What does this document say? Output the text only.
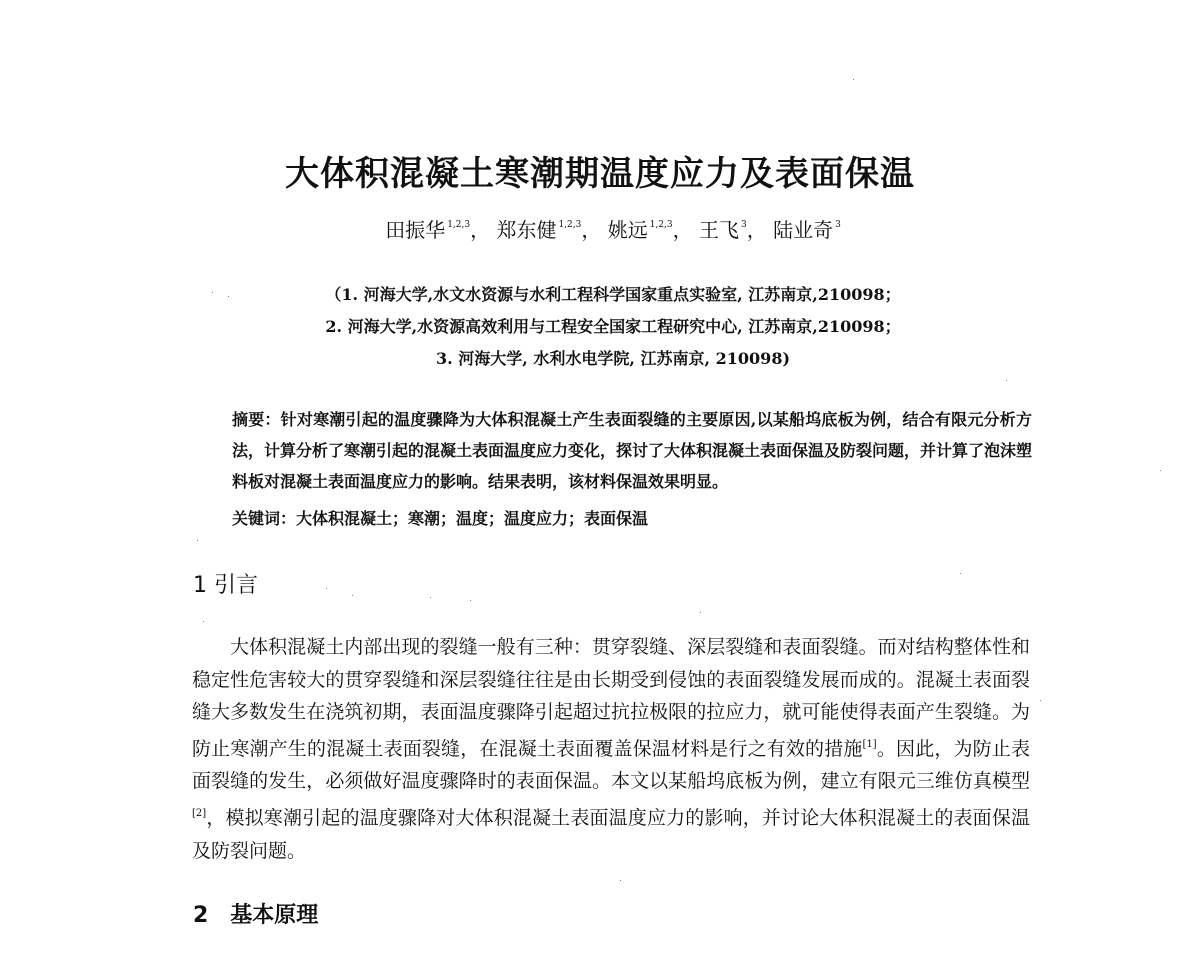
大体积混凝土寒潮期温度应力及表面保温
田振华 $^{1,2,3}$， 郑东健 $^{1,2,3}$， 姚远 $^{1,2,3}$， 王飞 $^3$， 陆业奇 $^3$
（1. 河海大学,水文水资源与水利工程科学国家重点实验室, 江苏南京,210098；
2. 河海大学,水资源高效利用与工程安全国家工程研究中心, 江苏南京,210098；
3. 河海大学, 水利水电学院, 江苏南京, 210098)
摘要：针对寒潮引起的温度骤降为大体积混凝土产生表面裂缝的主要原因,以某船坞底板为例，结合有限元分析方法，计算分析了寒潮引起的混凝土表面温度应力变化，探讨了大体积混凝土表面保温及防裂问题，并计算了泡沫塑料板对混凝土表面温度应力的影响。结果表明，该材料保温效果明显。
关键词：大体积混凝土；寒潮；温度；温度应力；表面保温
1 引言
大体积混凝土内部出现的裂缝一般有三种：贯穿裂缝、深层裂缝和表面裂缝。而对结构整体性和稳定性危害较大的贯穿裂缝和深层裂缝往往是由长期受到侵蚀的表面裂缝发展而成的。混凝土表面裂缝大多数发生在浇筑初期，表面温度骤降引起超过抗拉极限的拉应力，就可能使得表面产生裂缝。为防止寒潮产生的混凝土表面裂缝，在混凝土表面覆盖保温材料是行之有效的措施[1]。因此，为防止表面裂缝的发生，必须做好温度骤降时的表面保温。本文以某船坞底板为例，建立有限元三维仿真模型[2]，模拟寒潮引起的温度骤降对大体积混凝土表面温度应力的影响，并讨论大体积混凝土的表面保温及防裂问题。
2　基本原理
